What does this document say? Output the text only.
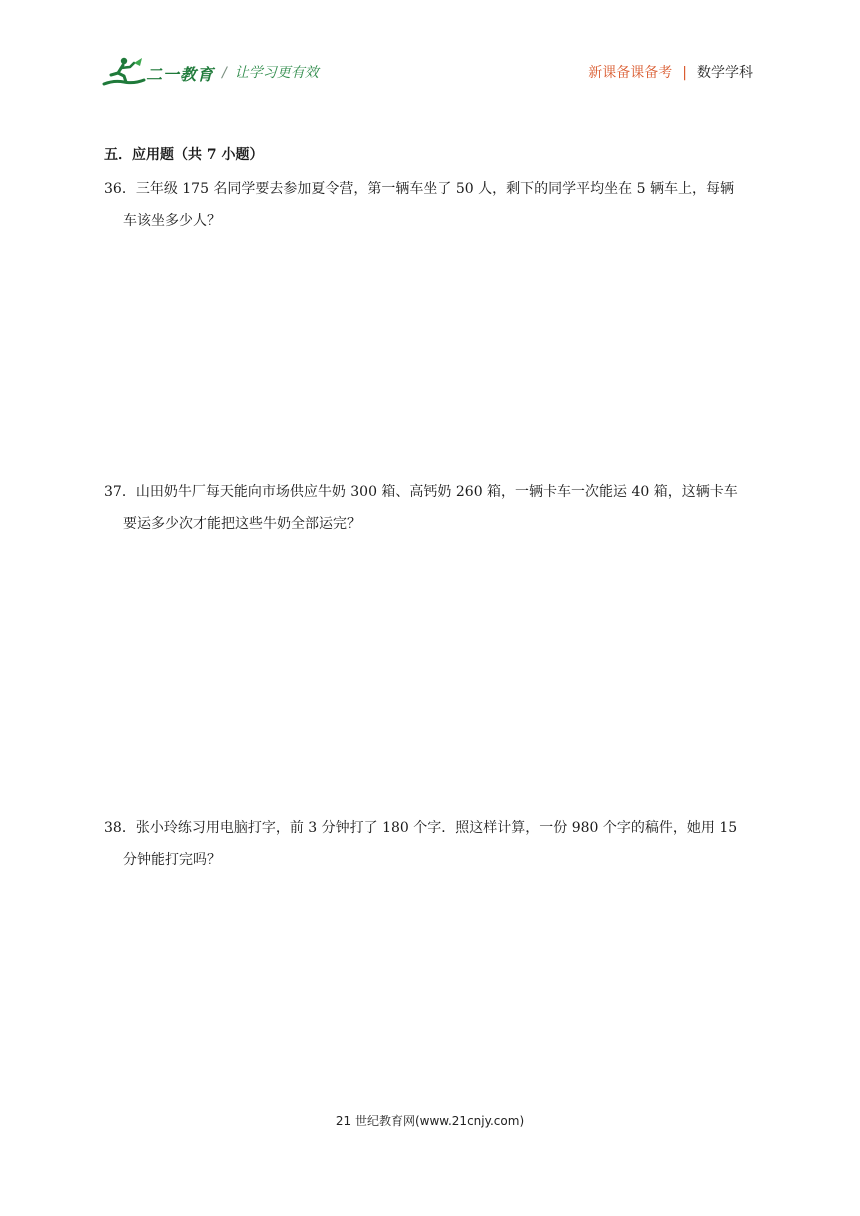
二一教育 / 让学习更有效	新课备课备考 | 数学学科
五．应用题（共 7 小题）
36．三年级 175 名同学要去参加夏令营，第一辆车坐了 50 人，剩下的同学平均坐在 5 辆车上，每辆
车该坐多少人？
37．山田奶牛厂每天能向市场供应牛奶 300 箱、高钙奶 260 箱，一辆卡车一次能运 40 箱，这辆卡车
要运多少次才能把这些牛奶全部运完？
38．张小玲练习用电脑打字，前 3 分钟打了 180 个字．照这样计算，一份 980 个字的稿件，她用 15
分钟能打完吗？
21 世纪教育网(www.21cnjy.com)
